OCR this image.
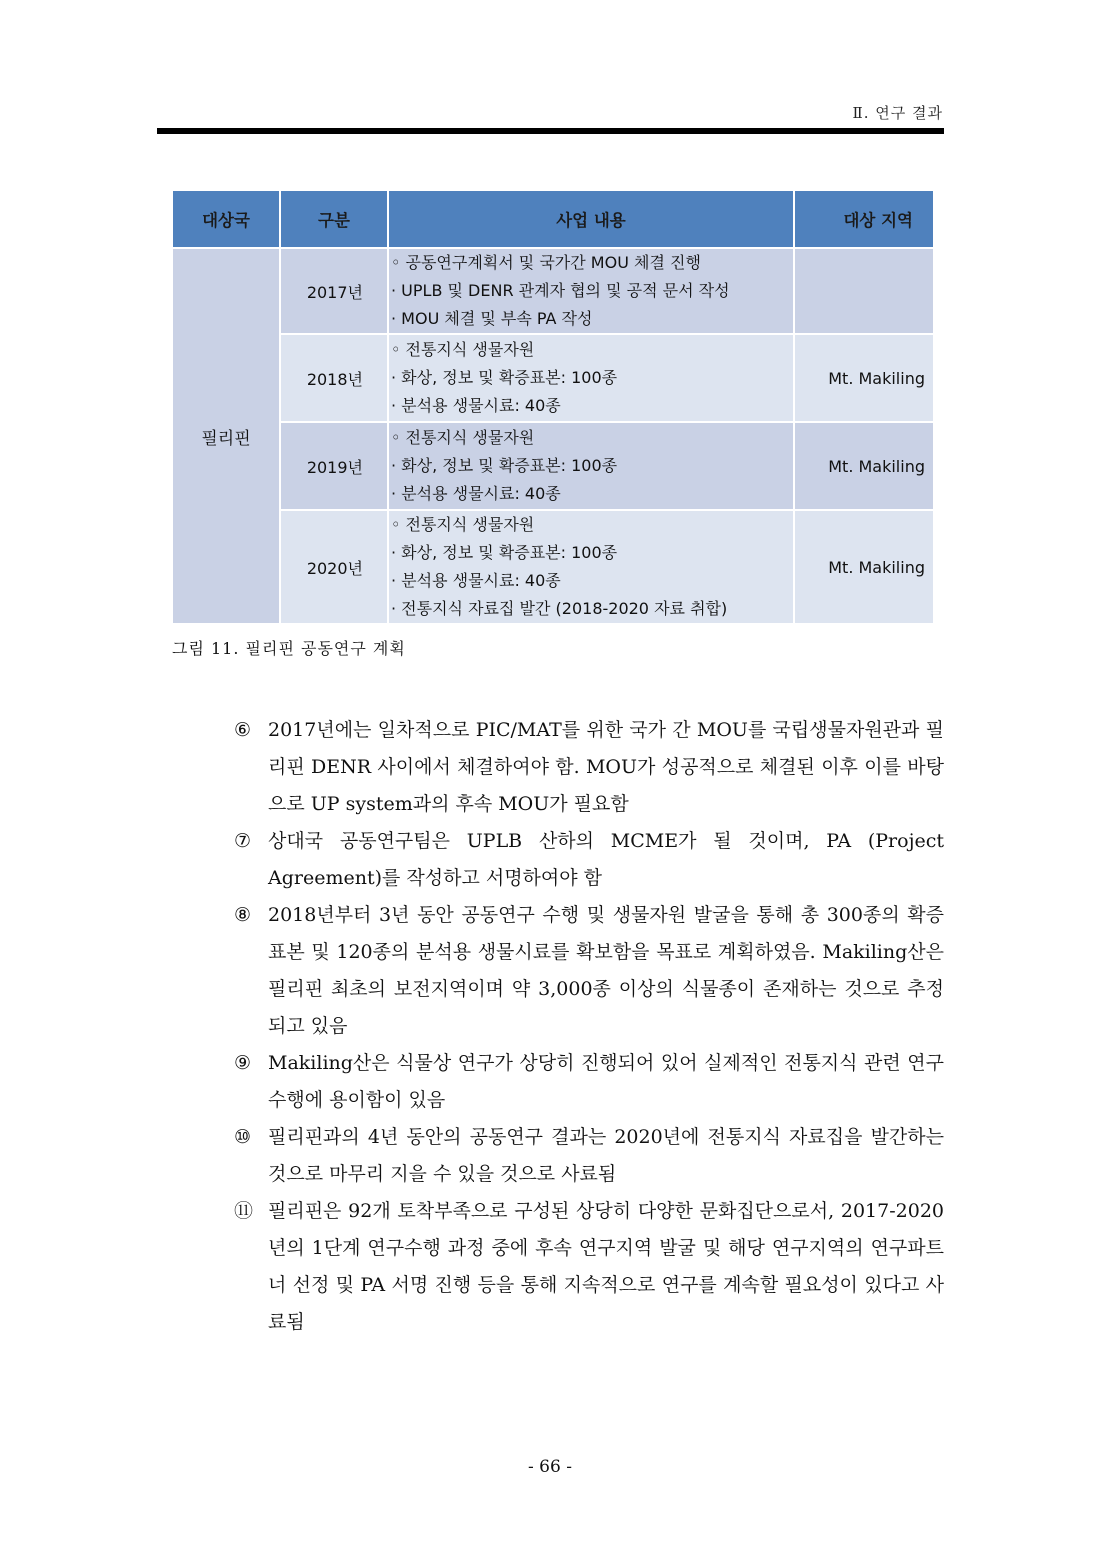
Ⅱ. 연구 결과
대상국	구분	사업 내용	대상 지역
필리핀	2017년	◦ 공동연구계획서 및 국가간 MOU 체결 진행
· UPLB 및 DENR 관계자 협의 및 공적 문서 작성
· MOU 체결 및 부속 PA 작성	

	2018년	◦ 전통지식 생물자원
· 화상, 정보 및 확증표본: 100종
· 분석용 생물시료: 40종	Mt. Makiling
	2019년	◦ 전통지식 생물자원
· 화상, 정보 및 확증표본: 100종
· 분석용 생물시료: 40종	Mt. Makiling
	2020년	◦ 전통지식 생물자원
· 화상, 정보 및 확증표본: 100종
· 분석용 생물시료: 40종
· 전통지식 자료집 발간 (2018-2020 자료 취합)	Mt. Makiling
그림 11. 필리핀 공동연구 계획
⑥ 2017년에는 일차적으로 PIC/MAT를 위한 국가 간 MOU를 국립생물자원관과 필리핀 DENR 사이에서 체결하여야 함. MOU가 성공적으로 체결된 이후 이를 바탕으로 UP system과의 후속 MOU가 필요함
⑦ 상대국 공동연구팀은 UPLB 산하의 MCME가 될 것이며, PA (Project Agreement)를 작성하고 서명하여야 함
⑧ 2018년부터 3년 동안 공동연구 수행 및 생물자원 발굴을 통해 총 300종의 확증 표본 및 120종의 분석용 생물시료를 확보함을 목표로 계획하였음. Makiling산은 필리핀 최초의 보전지역이며 약 3,000종 이상의 식물종이 존재하는 것으로 추정되고 있음
⑨ Makiling산은 식물상 연구가 상당히 진행되어 있어 실제적인 전통지식 관련 연구 수행에 용이함이 있음
⑩ 필리핀과의 4년 동안의 공동연구 결과는 2020년에 전통지식 자료집을 발간하는 것으로 마무리 지을 수 있을 것으로 사료됨
⑪ 필리핀은 92개 토착부족으로 구성된 상당히 다양한 문화집단으로서, 2017-2020년의 1단계 연구수행 과정 중에 후속 연구지역 발굴 및 해당 연구지역의 연구파트너 선정 및 PA 서명 진행 등을 통해 지속적으로 연구를 계속할 필요성이 있다고 사료됨
- 66 -
